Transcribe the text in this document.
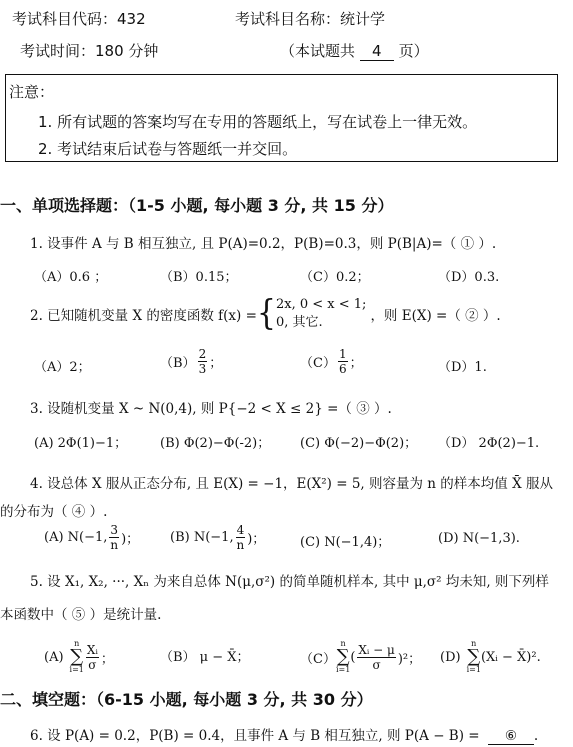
考试科目代码：432	考试科目名称：统计学
考试时间：180 分钟	（本试题共 4 页）
注意：
1. 所有试题的答案均写在专用的答题纸上，写在试卷上一律无效。
2. 考试结束后试卷与答题纸一并交回。
一、单项选择题：（1-5 小题, 每小题 3 分, 共 15 分）
1. 设事件 A 与 B 相互独立, 且 P(A)=0.2，P(B)=0.3，则 P(B|A)=（ ① ）.
（A）0.6 ；	（B）0.15；	（C）0.2；	（D）0.3.
2. 已知随机变量 X 的密度函数 f(x) = { 2x, 0 < x < 1;
0, 其它.	，则 E(X) =（ ② ）.
（A）2；	$(B) \frac{2}{3}$ ；	$(C) \frac{1}{6}$ ；	（D）1.
3. 设随机变量 X ~ N(0,4), 则 P{−2 < X ≤ 2} =（ ③ ）.
(A) 2Φ(1)−1；	(B) Φ(2)−Φ(-2)； (C) Φ(−2)−Φ(2)； （D） 2Φ(2)−1.
4. 设总体 X 服从正态分布, 且 E(X) = −1，E(X²) = 5, 则容量为 n 的样本均值 X̄ 服从
的分布为（ ④ ）.
(A) N(−1, $\frac{3}{n}$ )； (B) N(−1, $\frac{4}{n}$ )；	(C) N(−1,4)；	(D) N(−1,3).
5. 设 X₁, X₂, ···, Xₙ 为来自总体 N(μ,σ²) 的简单随机样本, 其中 μ,σ² 均未知, 则下列样
本函数中（ ⑤ ）是统计量.
(A)
n
∑
$i=1 \frac{\text{Xᵢ}}{\sigma}$ ；	（B） μ − X̄；	（C）
n
∑
i=1
( $\frac{\text{Xᵢ − μ}}{\sigma} )^2$； (D)
n
∑
i=1
(Xᵢ − X̄)².
二、填空题：（6-15 小题, 每小题 3 分, 共 30 分）
6. 设 P(A) = 0.2，P(B) = 0.4，且事件 A 与 B 相互独立, 则 P(A − B) = ⑥ .
